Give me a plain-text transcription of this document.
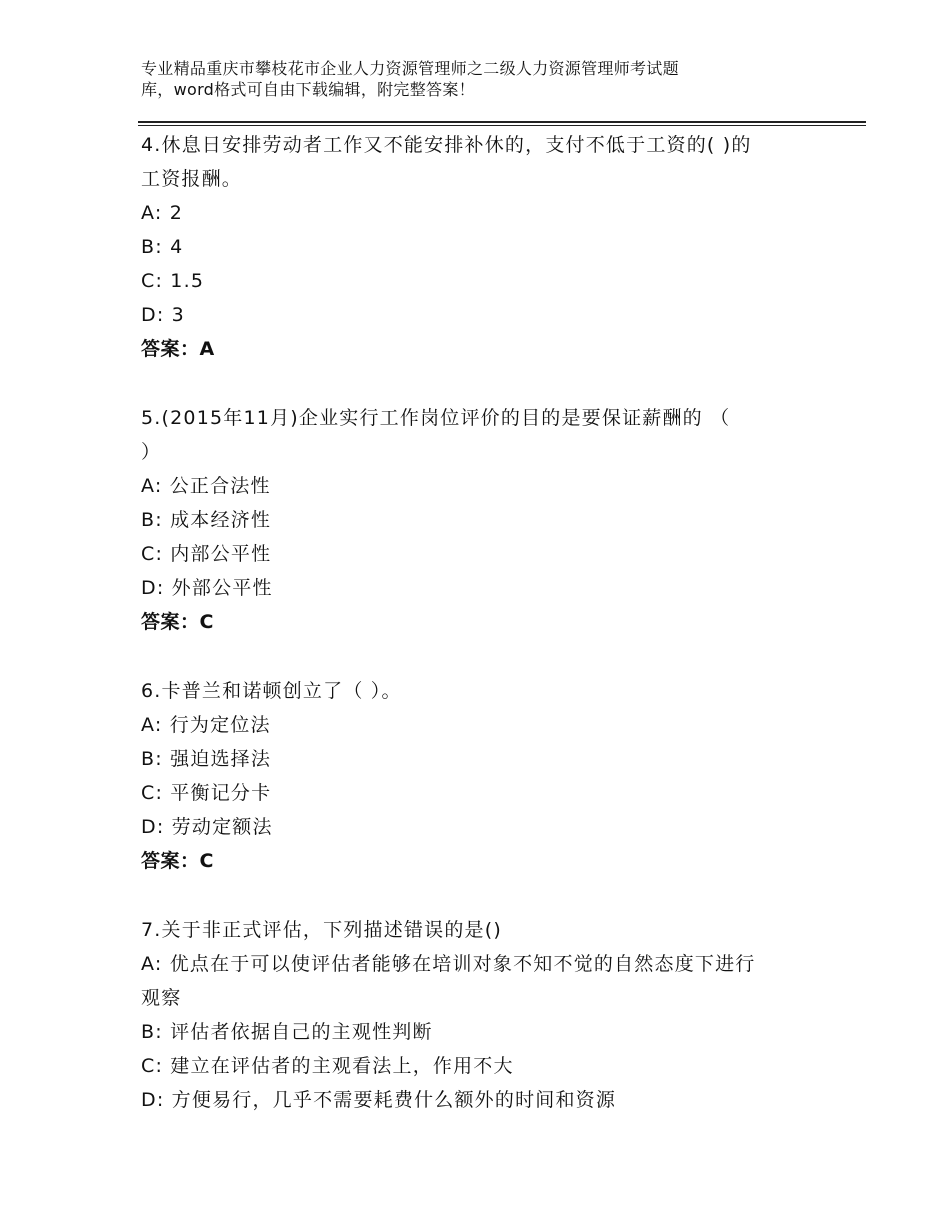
专业精品重庆市攀枝花市企业人力资源管理师之二级人力资源管理师考试题
库，word格式可自由下载编辑，附完整答案！
4.休息日安排劳动者工作又不能安排补休的，支付不低于工资的( )的
工资报酬。
A: 2
B: 4
C: 1.5
D: 3
答案：A
5.(2015年11月)企业实行工作岗位评价的目的是要保证薪酬的 （
）
A: 公正合法性
B: 成本经济性
C: 内部公平性
D: 外部公平性
答案：C
6.卡普兰和诺顿创立了（ ）。
A: 行为定位法
B: 强迫选择法
C: 平衡记分卡
D: 劳动定额法
答案：C
7.关于非正式评估，下列描述错误的是()
A: 优点在于可以使评估者能够在培训对象不知不觉的自然态度下进行
观察
B: 评估者依据自己的主观性判断
C: 建立在评估者的主观看法上，作用不大
D: 方便易行，几乎不需要耗费什么额外的时间和资源
